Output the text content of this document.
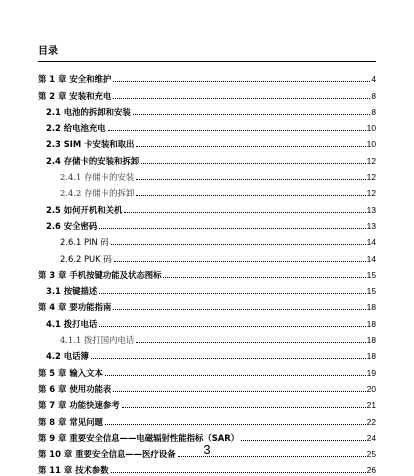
目录
第 1 章 安全和维护	4
第 2 章 安装和充电	8
2.1 电池的拆卸和安装	8
2.2 给电池充电	10
2.3 SIM 卡安装和取出	10
2.4 存储卡的安装和拆卸	12
2.4.1 存储卡的安装	12
2.4.2 存储卡的拆卸	12
2.5 如何开机和关机	13
2.6 安全密码	13
2.6.1 PIN 码	14
2.6.2 PUK 码	14
第 3 章 手机按键功能及状态图标	15
3.1 按键描述	15
第 4 章 要功能指南	18
4.1 拨打电话	18
4.1.1 拨打国内电话	18
4.2 电话簿	18
第 5 章 输入文本	19
第 6 章 使用功能表	20
第 7 章 功能快速参考	21
第 8 章 常见问题	22
第 9 章 重要安全信息——电磁辐射性能指标（SAR）	24
第 10 章 重要安全信息——医疗设备	25
第 11 章 技术参数	26
3
